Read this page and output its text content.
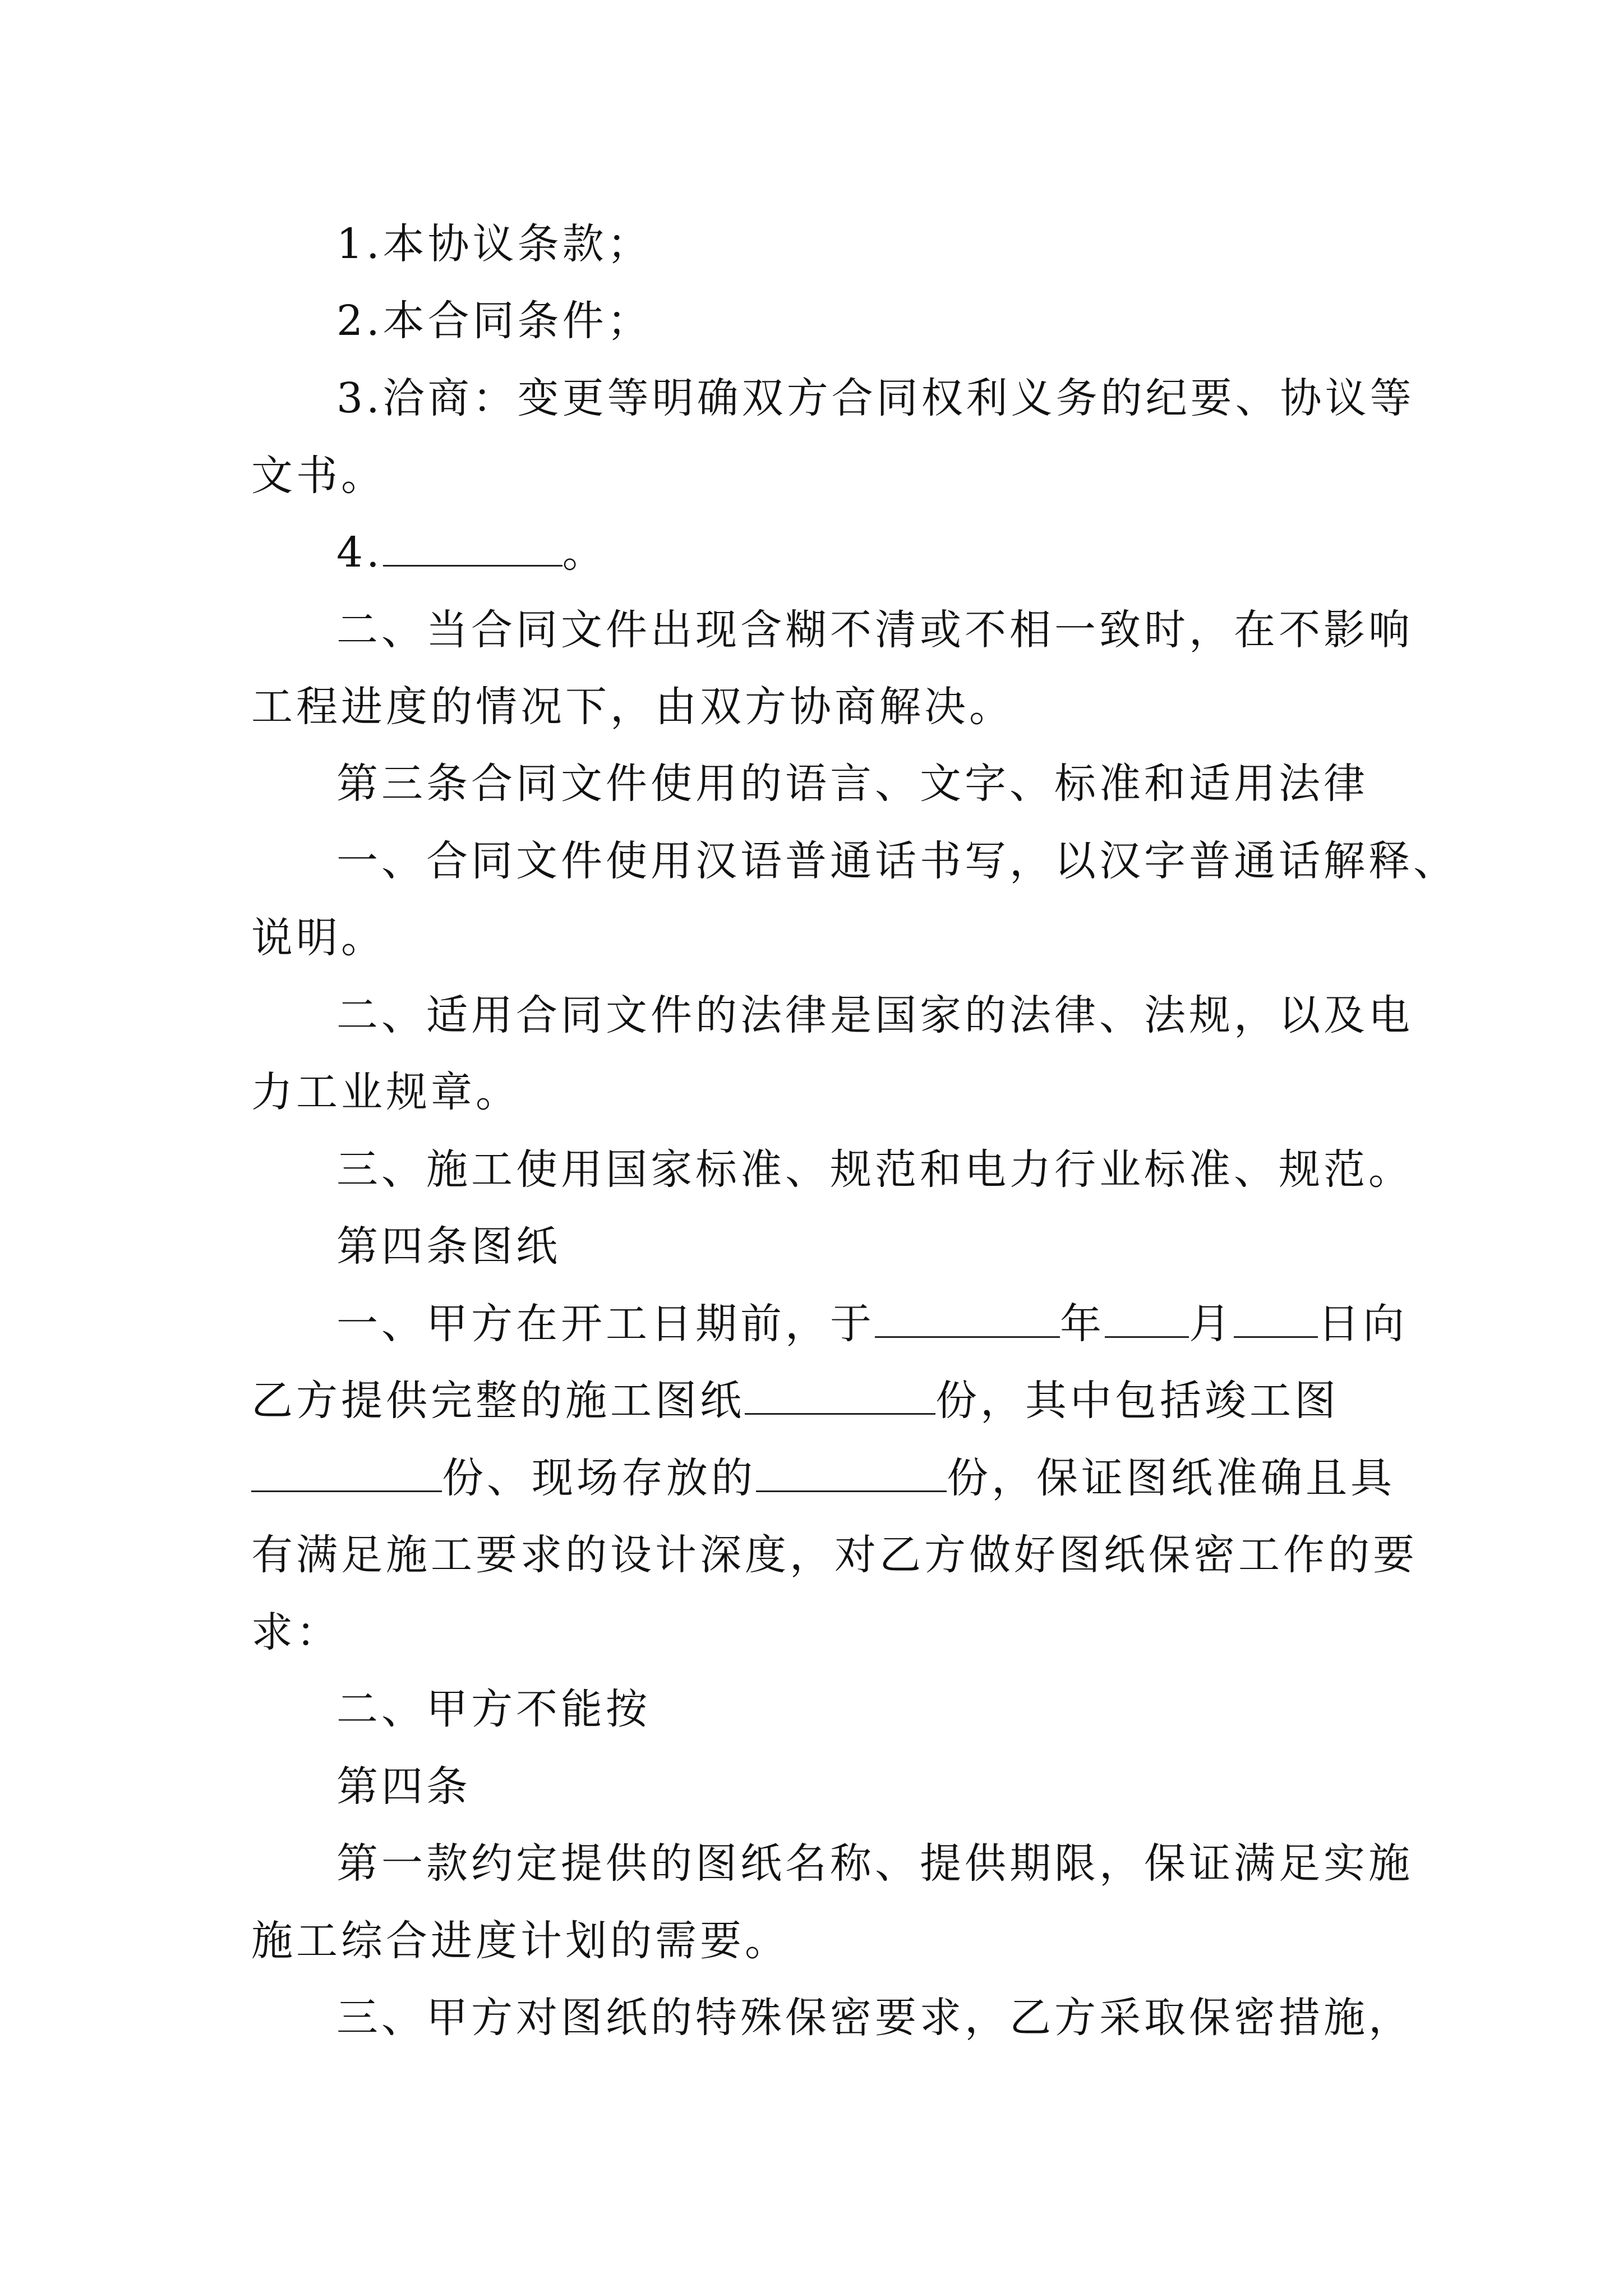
1.本协议条款；
2.本合同条件；
3.洽商：变更等明确双方合同权利义务的纪要、协议等
文书。
4.	。
二、当合同文件出现含糊不清或不相一致时，在不影响
工程进度的情况下，由双方协商解决。
第三条合同文件使用的语言、文字、标准和适用法律
一、合同文件使用汉语普通话书写，以汉字普通话解释、
说明。
二、适用合同文件的法律是国家的法律、法规，以及电
力工业规章。
三、施工使用国家标准、规范和电力行业标准、规范。
第四条图纸
一、甲方在开工日期前，于	年 月 日向
乙方提供完整的施工图纸	份，其中包括竣工图
份、现场存放的	份，保证图纸准确且具
有满足施工要求的设计深度，对乙方做好图纸保密工作的要
求：
二、甲方不能按
第四条
第一款约定提供的图纸名称、提供期限，保证满足实施
施工综合进度计划的需要。
三、甲方对图纸的特殊保密要求，乙方采取保密措施，
